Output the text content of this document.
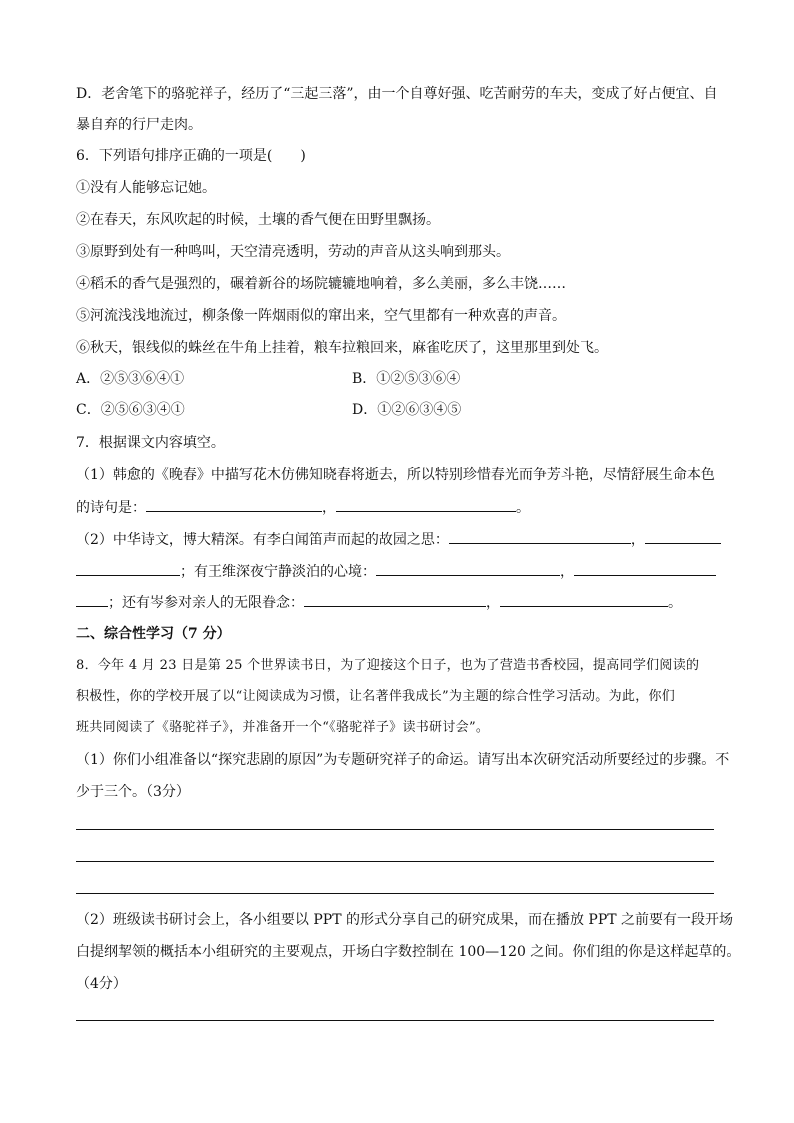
D．老舍笔下的骆驼祥子，经历了“三起三落”，由一个自尊好强、吃苦耐劳的车夫，变成了好占便宜、自
暴自弃的行尸走肉。
6．下列语句排序正确的一项是(　　)
①没有人能够忘记她。
②在春天，东风吹起的时候，土壤的香气便在田野里飘扬。
③原野到处有一种鸣叫，天空清亮透明，劳动的声音从这头响到那头。
④稻禾的香气是强烈的，碾着新谷的场院辘辘地响着，多么美丽，多么丰饶……
⑤河流浅浅地流过，柳条像一阵烟雨似的窜出来，空气里都有一种欢喜的声音。
⑥秋天，银线似的蛛丝在牛角上挂着，粮车拉粮回来，麻雀吃厌了，这里那里到处飞。
A．②⑤③⑥④①	B．①②⑤③⑥④
C．②⑤⑥③④①	D．①②⑥③④⑤
7．根据课文内容填空。
（1）韩愈的《晚春》中描写花木仿佛知晓春将逝去，所以特别珍惜春光而争芳斗艳，尽情舒展生命本色
的诗句是：	，	。
（2）中华诗文，博大精深。有李白闻笛声而起的故园之思：	，
；有王维深夜宁静淡泊的心境：	，
；还有岑参对亲人的无限眷念：	，	。
二、综合性学习（7 分）
8．今年 4 月 23 日是第 25 个世界读书日，为了迎接这个日子，也为了营造书香校园，提高同学们阅读的
积极性，你的学校开展了以“让阅读成为习惯，让名著伴我成长”为主题的综合性学习活动。为此，你们
班共同阅读了《骆驼祥子》，并准备开一个“《骆驼祥子》读书研讨会”。
（1）你们小组准备以“探究悲剧的原因”为专题研究祥子的命运。请写出本次研究活动所要经过的步骤。不
少于三个。（3分）
（2）班级读书研讨会上，各小组要以 PPT 的形式分享自己的研究成果，而在播放 PPT 之前要有一段开场
白提纲挈领的概括本小组研究的主要观点，开场白字数控制在 100—120 之间。你们组的你是这样起草的。
（4分）
